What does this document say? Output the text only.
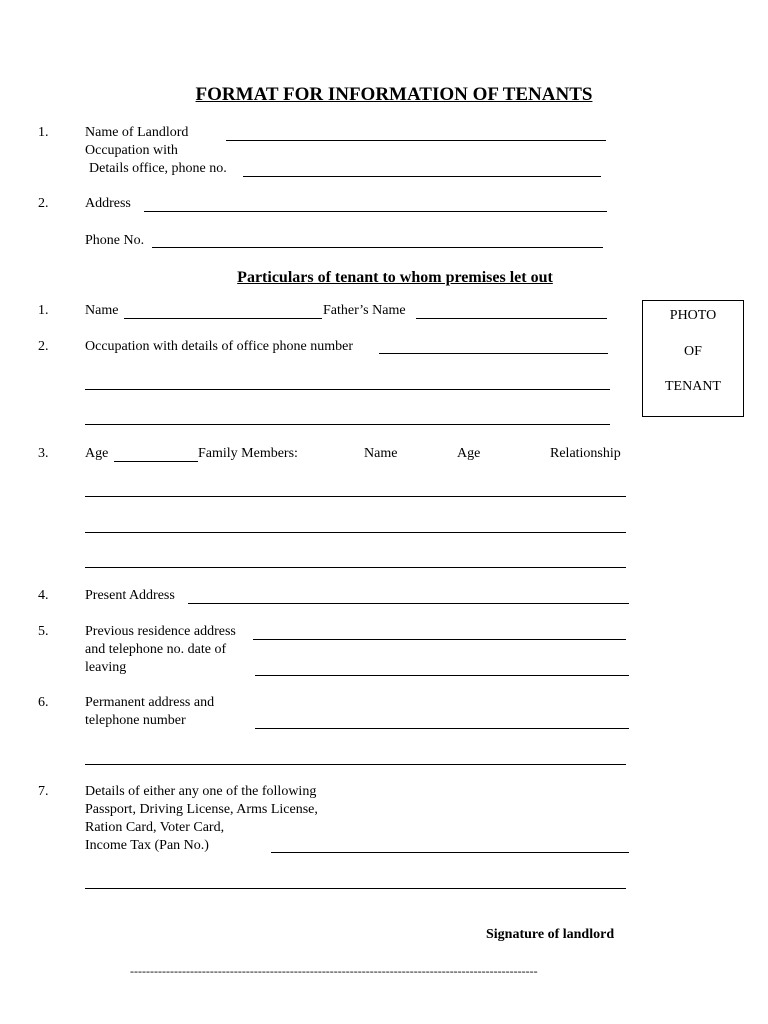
FORMAT FOR INFORMATION OF TENANTS
1.	Name of Landlord
Occupation with
Details office, phone no.
2.	Address
Phone No.
Particulars of tenant to whom premises let out
PHOTO
OF
TENANT
1.	Name	Father’s Name
2.	Occupation with details of office phone number
3.	Age	Family Members:	Name	Age	Relationship
4.	Present Address
5.	Previous residence address
and telephone no. date of
leaving
6.	Permanent address and
telephone number
7.	Details of either any one of the following
Passport, Driving License, Arms License,
Ration Card, Voter Card,
Income Tax (Pan No.)
Signature of landlord
------------------------------------------------------------------------------------------------------
